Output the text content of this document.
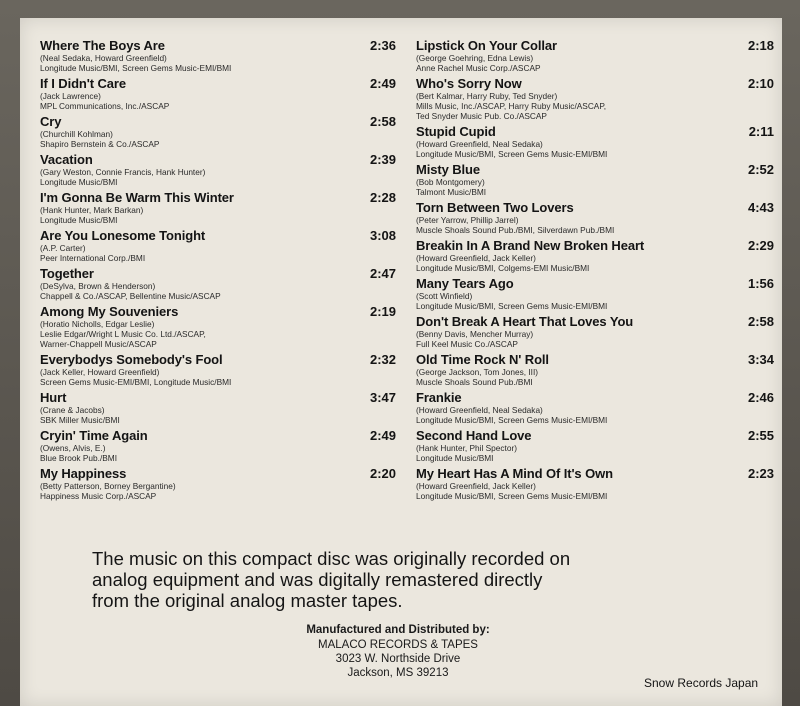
Where The Boys Are	2:36
(Neal Sedaka, Howard Greenfield)
Longitude Music/BMI, Screen Gems Music-EMI/BMI
If I Didn't Care	2:49
(Jack Lawrence)
MPL Communications, Inc./ASCAP
Cry	2:58
(Churchill Kohlman)
Shapiro Bernstein & Co./ASCAP
Vacation	2:39
(Gary Weston, Connie Francis, Hank Hunter)
Longitude Music/BMI
I'm Gonna Be Warm This Winter	2:28
(Hank Hunter, Mark Barkan)
Longitude Music/BMI
Are You Lonesome Tonight	3:08
(A.P. Carter)
Peer International Corp./BMI
Together	2:47
(DeSylva, Brown & Henderson)
Chappell & Co./ASCAP, Bellentine Music/ASCAP
Among My Souveniers	2:19
(Horatio Nicholls, Edgar Leslie)
Leslie Edgar/Wright L Music Co. Ltd./ASCAP,
Warner-Chappell Music/ASCAP
Everybodys Somebody's Fool	2:32
(Jack Keller, Howard Greenfield)
Screen Gems Music-EMI/BMI, Longitude Music/BMI
Hurt	3:47
(Crane & Jacobs)
SBK Miller Music/BMI
Cryin' Time Again	2:49
(Owens, Alvis, E.)
Blue Brook Pub./BMI
My Happiness	2:20
(Betty Patterson, Borney Bergantine)
Happiness Music Corp./ASCAP
Lipstick On Your Collar	2:18
(George Goehring, Edna Lewis)
Anne Rachel Music Corp./ASCAP
Who's Sorry Now	2:10
(Bert Kalmar, Harry Ruby, Ted Snyder)
Mills Music, Inc./ASCAP, Harry Ruby Music/ASCAP,
Ted Snyder Music Pub. Co./ASCAP
Stupid Cupid	2:11
(Howard Greenfield, Neal Sedaka)
Longitude Music/BMI, Screen Gems Music-EMI/BMI
Misty Blue	2:52
(Bob Montgomery)
Talmont Music/BMI
Torn Between Two Lovers	4:43
(Peter Yarrow, Phillip Jarrel)
Muscle Shoals Sound Pub./BMI, Silverdawn Pub./BMI
Breakin In A Brand New Broken Heart	2:29
(Howard Greenfield, Jack Keller)
Longitude Music/BMI, Colgems-EMI Music/BMI
Many Tears Ago	1:56
(Scott Winfield)
Longitude Music/BMI, Screen Gems Music-EMI/BMI
Don't Break A Heart That Loves You	2:58
(Benny Davis, Mencher Murray)
Full Keel Music Co./ASCAP
Old Time Rock N' Roll	3:34
(George Jackson, Tom Jones, III)
Muscle Shoals Sound Pub./BMI
Frankie	2:46
(Howard Greenfield, Neal Sedaka)
Longitude Music/BMI, Screen Gems Music-EMI/BMI
Second Hand Love	2:55
(Hank Hunter, Phil Spector)
Longitude Music/BMI
My Heart Has A Mind Of It's Own	2:23
(Howard Greenfield, Jack Keller)
Longitude Music/BMI, Screen Gems Music-EMI/BMI
The music on this compact disc was originally recorded on
analog equipment and was digitally remastered directly
from the original analog master tapes.
Manufactured and Distributed by:
MALACO RECORDS & TAPES
3023 W. Northside Drive
Jackson, MS 39213
Snow Records Japan
